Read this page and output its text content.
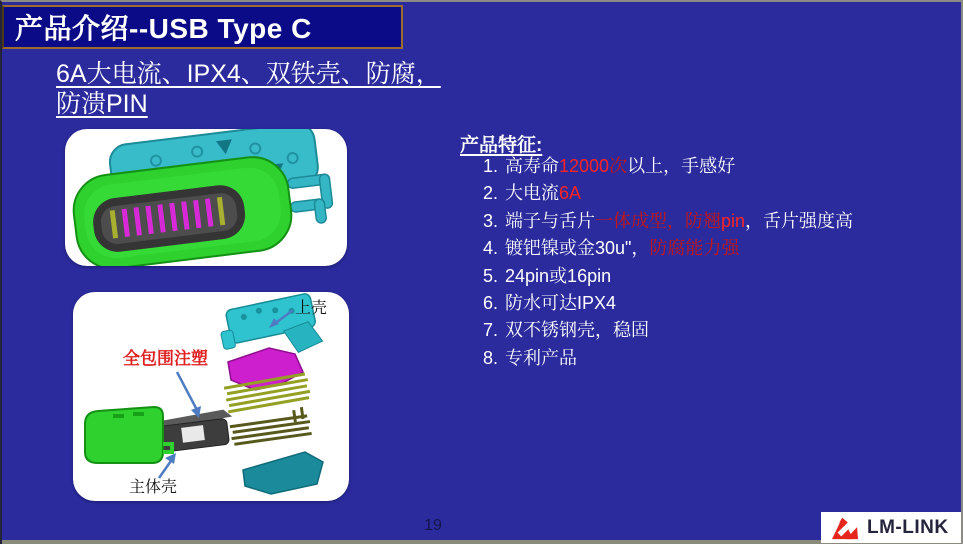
产品介绍--USB Type C
6A大电流、IPX4、双铁壳、防腐，
防溃PIN
上壳
全包围注塑
主体壳
产品特征:
1. 高寿命12000次以上，手感好
2. 大电流6A
3. 端子与舌片一体成型，防翘pin，舌片强度高
4. 镀钯镍或金30u"，防腐能力强
5. 24pin或16pin
6. 防水可达IPX4
7. 双不锈钢壳，稳固
8. 专利产品
19	LM-LINK
